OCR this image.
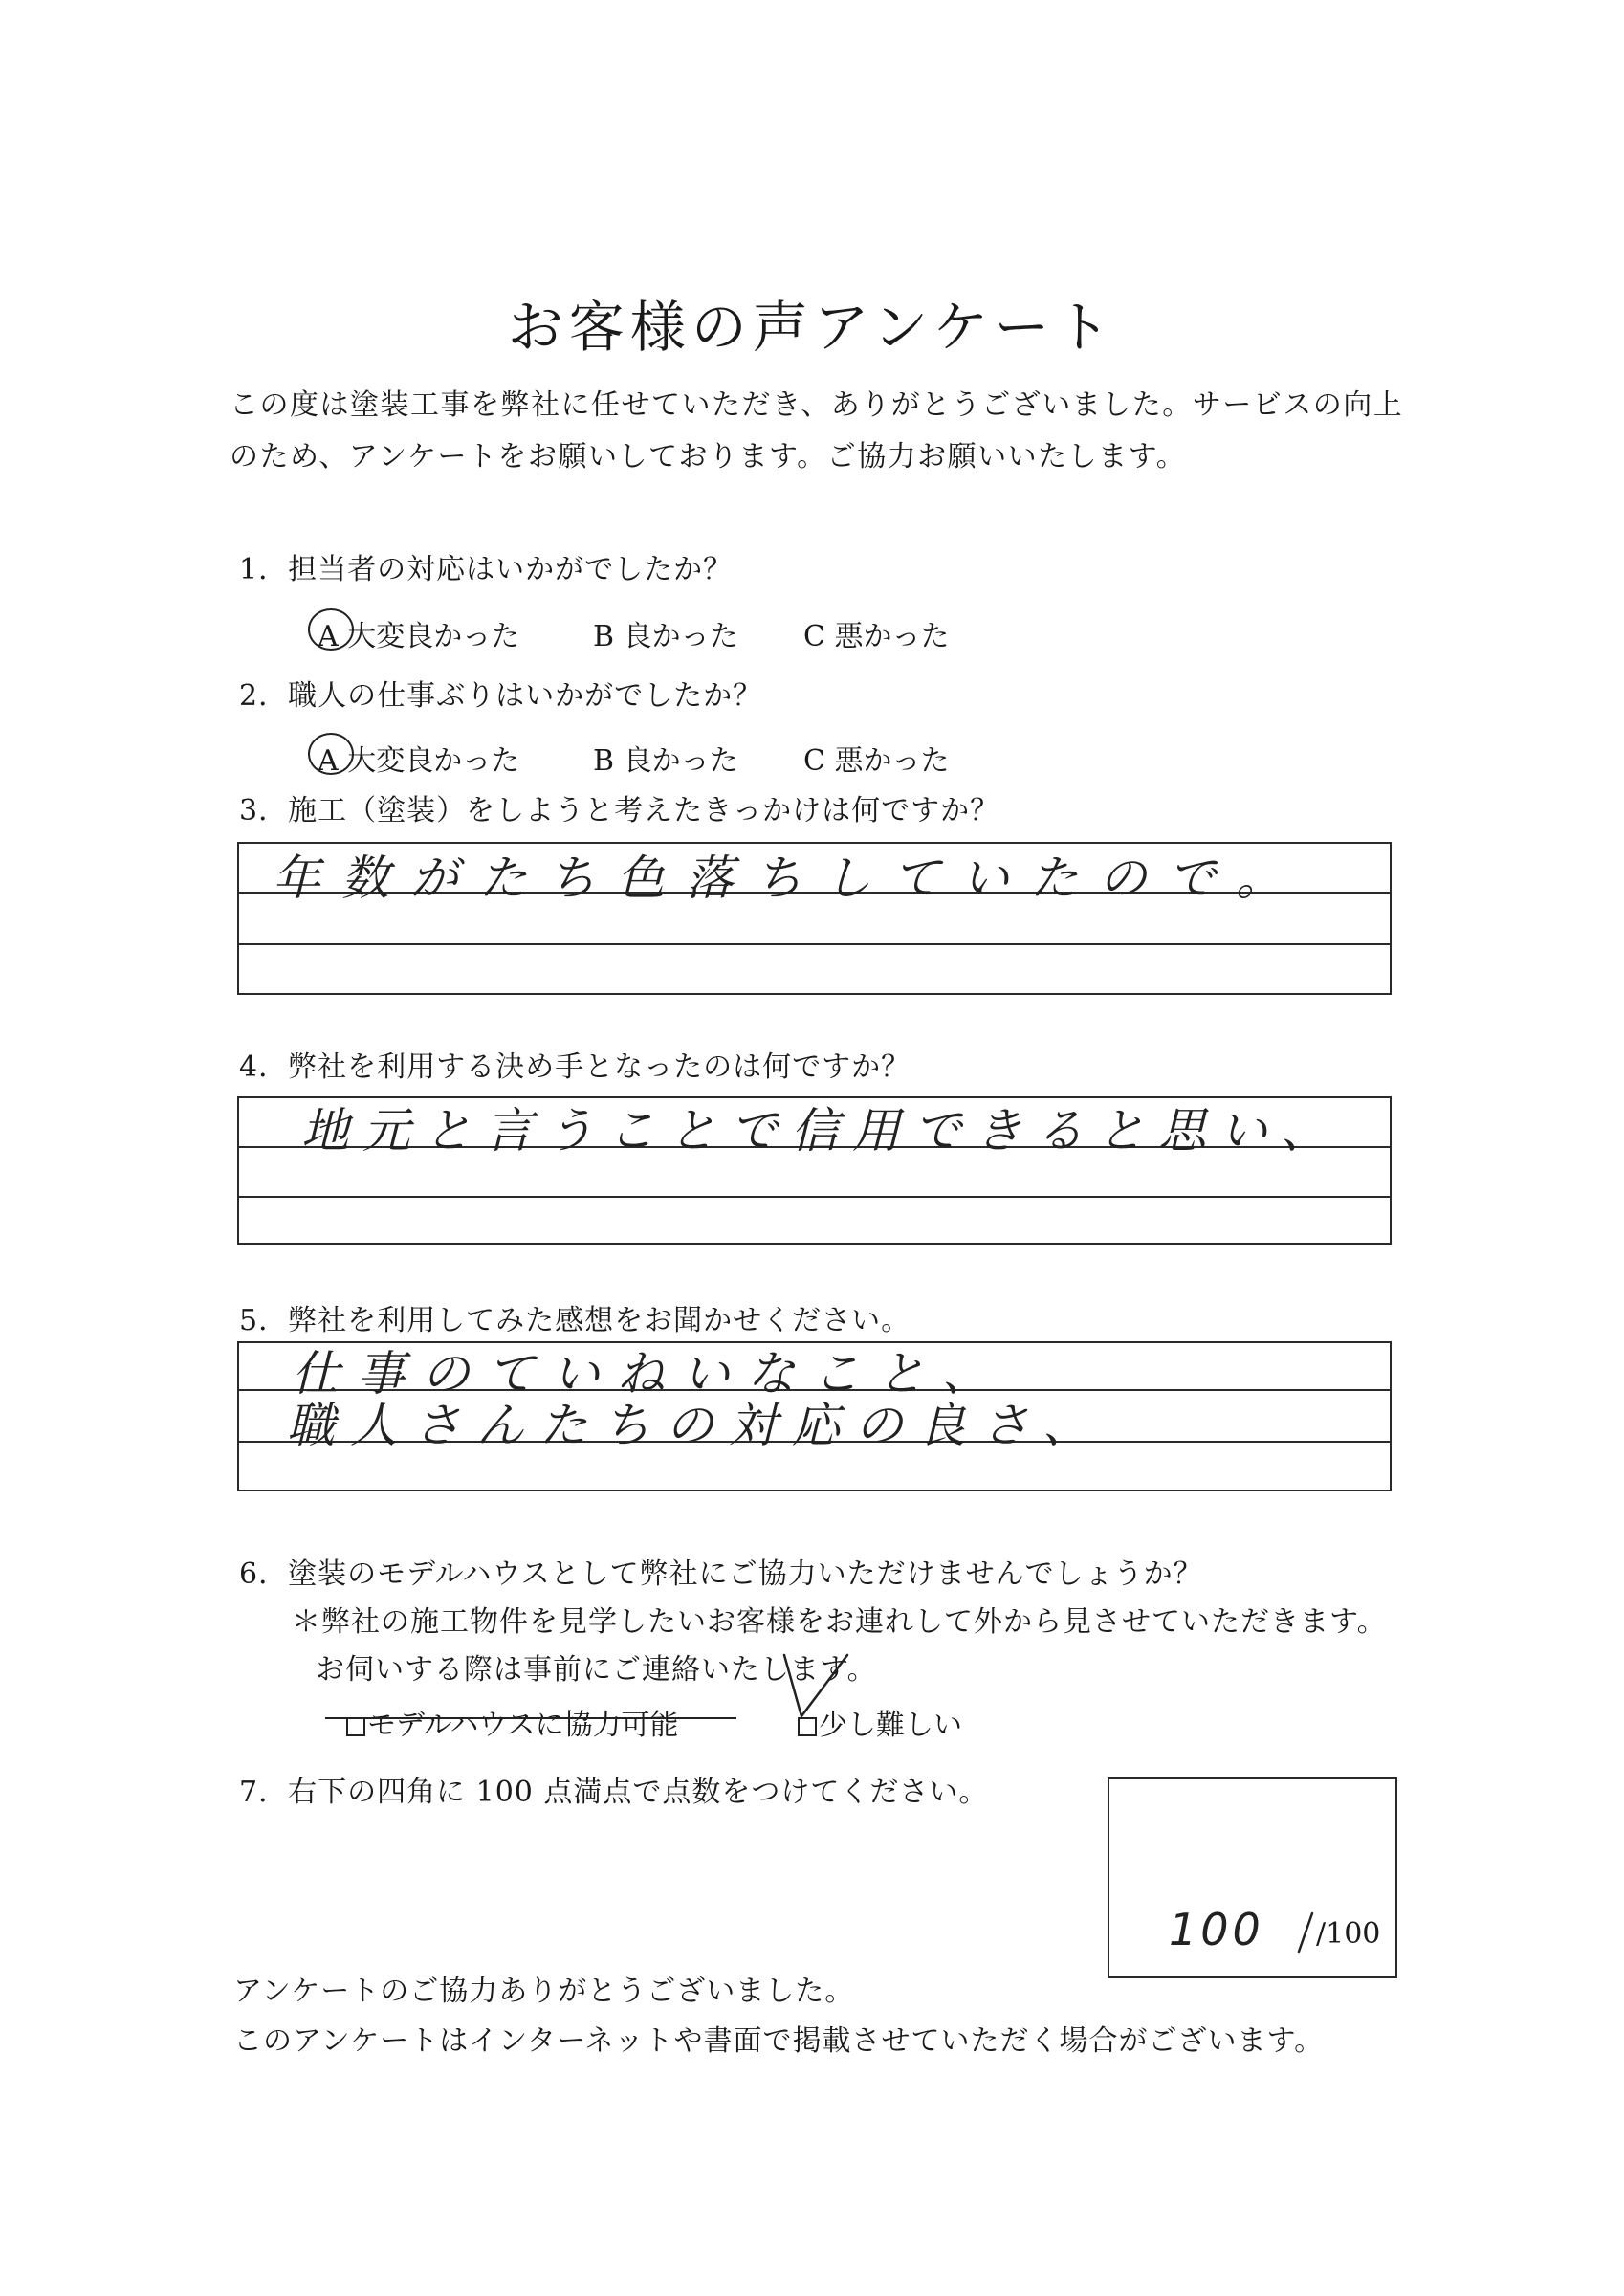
お客様の声アンケート
この度は塗装工事を弊社に任せていただき、ありがとうございました。サービスの向上
のため、アンケートをお願いしております。ご協力お願いいたします。
1．担当者の対応はいかがでしたか？
A 大変良かった	B 良かった C 悪かった
2．職人の仕事ぶりはいかがでしたか？
A 大変良かった	B 良かった C 悪かった
3．施工（塗装）をしようと考えたきっかけは何ですか？
年数がたち色落ちしていたので。
4．弊社を利用する決め手となったのは何ですか？
地元と言うことで信用できると思い、
5．弊社を利用してみた感想をお聞かせください。
仕事のていねいなこと、
職人さんたちの対応の良さ、
6．塗装のモデルハウスとして弊社にご協力いただけませんでしょうか？
＊弊社の施工物件を見学したいお客様をお連れして外から見させていただきます。
お伺いする際は事前にご連絡いたします。
モデルハウスに協力可能	少し難しい
7．右下の四角に 100 点満点で点数をつけてください。
100 /100
アンケートのご協力ありがとうございました。
このアンケートはインターネットや書面で掲載させていただく場合がございます。
